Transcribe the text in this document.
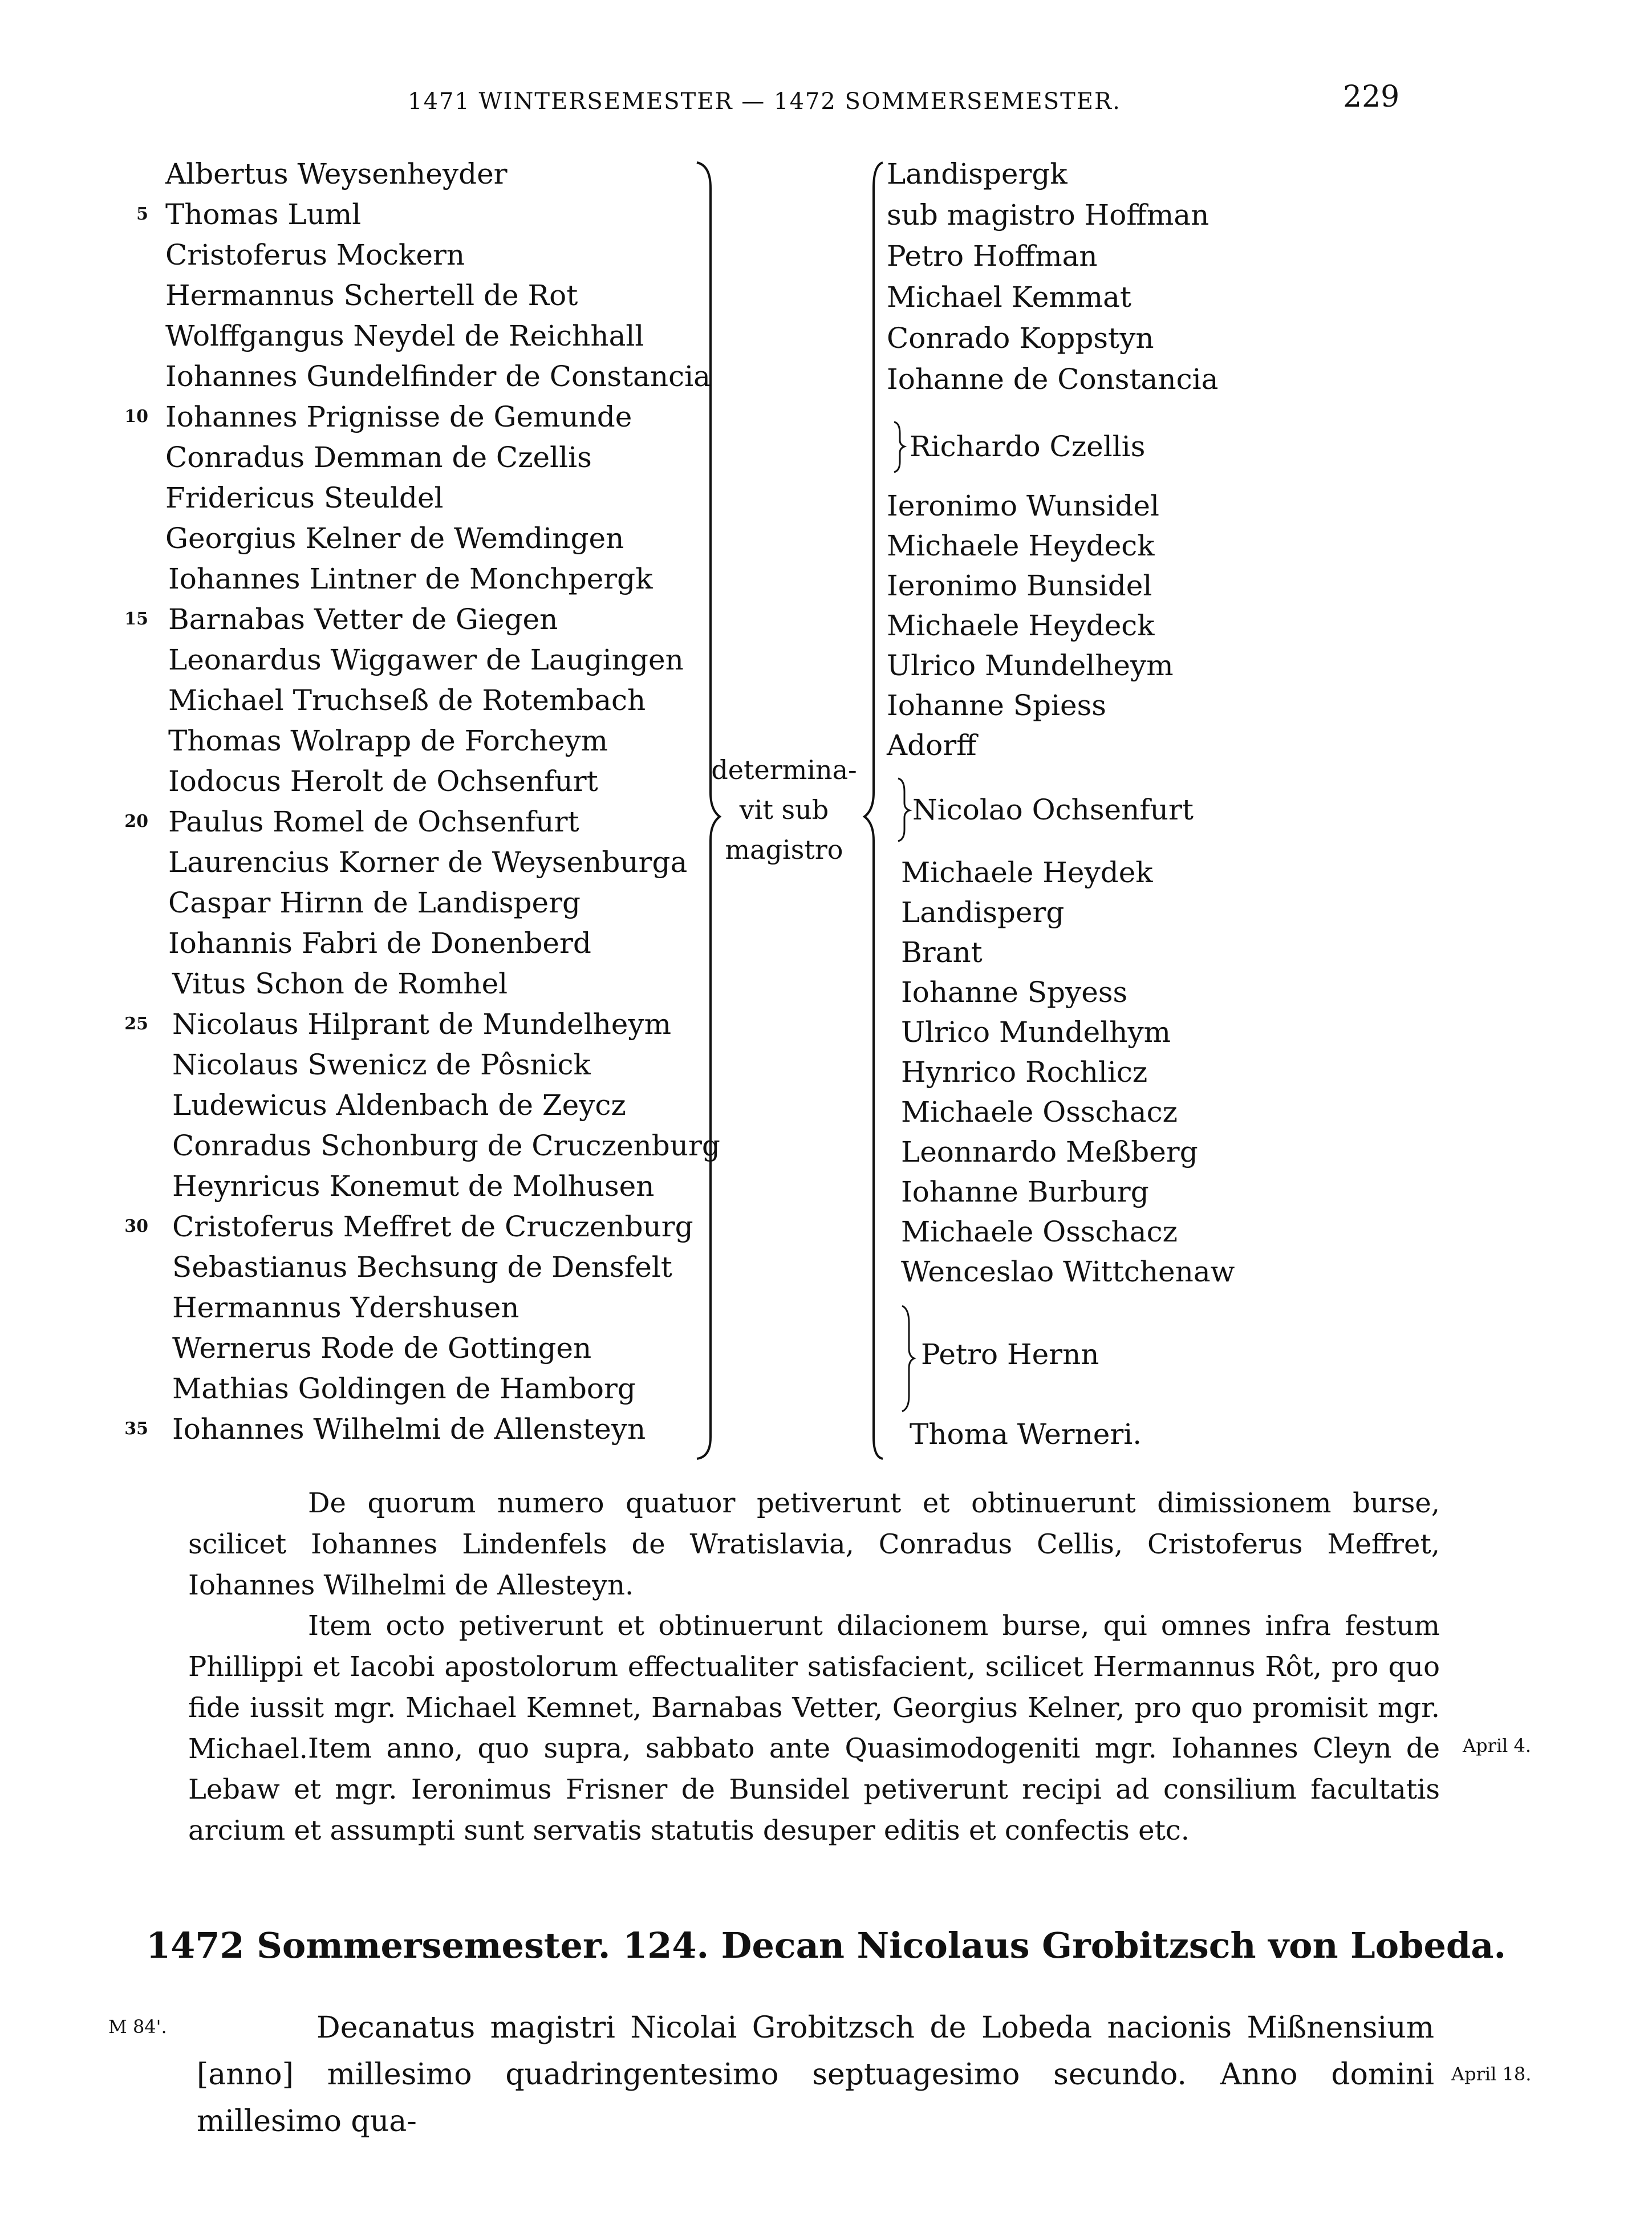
1471 WINTERSEMESTER — 1472 SOMMERSEMESTER.	229
Albertus Weysenheyder
5 Thomas Luml
Cristoferus Mockern
Hermannus Schertell de Rot
Wolffgangus Neydel de Reichhall
Iohannes Gundelfinder de Constancia
10 Iohannes Prignisse de Gemunde
Conradus Demman de Czellis
Fridericus Steuldel
Georgius Kelner de Wemdingen
Iohannes Lintner de Monchpergk
15 Barnabas Vetter de Giegen
Leonardus Wiggawer de Laugingen
Michael Truchseß de Rotembach
Thomas Wolrapp de Forcheym
Iodocus Herolt de Ochsenfurt
20 Paulus Romel de Ochsenfurt
Laurencius Korner de Weysenburga
Caspar Hirnn de Landisperg
Iohannis Fabri de Donenberd
Vitus Schon de Romhel
25 Nicolaus Hilprant de Mundelheym
Nicolaus Swenicz de Pôsnick
Ludewicus Aldenbach de Zeycz
Conradus Schonburg de Cruczenburg
Heynricus Konemut de Molhusen
30 Cristoferus Meffret de Cruczenburg
Sebastianus Bechsung de Densfelt
Hermannus Ydershusen
Wernerus Rode de Gottingen
Mathias Goldingen de Hamborg
35 Iohannes Wilhelmi de Allensteyn
determina-
vit sub
magistro
Landispergk
sub magistro Hoffman
Petro Hoffman
Michael Kemmat
Conrado Koppstyn
Iohanne de Constancia
Richardo Czellis
Ieronimo Wunsidel
Michaele Heydeck
Ieronimo Bunsidel
Michaele Heydeck
Ulrico Mundelheym
Iohanne Spiess
Adorff
Nicolao Ochsenfurt
Michaele Heydek
Landisperg
Brant
Iohanne Spyess
Ulrico Mundelhym
Hynrico Rochlicz
Michaele Osschacz
Leonnardo Meßberg
Iohanne Burburg
Michaele Osschacz
Wenceslao Wittchenaw
Petro Hernn
Thoma Werneri.
De quorum numero quatuor petiverunt et obtinuerunt dimissionem burse, scilicet Iohannes Lindenfels de Wratislavia, Conradus Cellis, Cristoferus Meffret, Iohannes Wilhelmi de Allesteyn.
Item octo petiverunt et obtinuerunt dilacionem burse, qui omnes infra festum Phillippi et Iacobi apostolorum effectualiter satisfacient, scilicet Hermannus Rôt, pro quo fide iussit mgr. Michael Kemnet, Barnabas Vetter, Georgius Kelner, pro quo promisit mgr. Michael. Item anno, quo supra, sabbato ante Quasimodogeniti mgr. Iohannes Cleyn de Lebaw et mgr. Ieronimus Frisner de Bunsidel petiverunt recipi ad consilium facultatis arcium et assumpti sunt servatis statutis desuper editis et confectis etc.
April 4.
1472 Sommersemester. 124. Decan Nicolaus Grobitzsch von Lobeda.
M 84'.	Decanatus magistri Nicolai Grobitzsch de Lobeda nacionis Mißnensium [anno] millesimo quadringentesimo septuagesimo secundo. Anno domini millesimo qua-
April 18.
